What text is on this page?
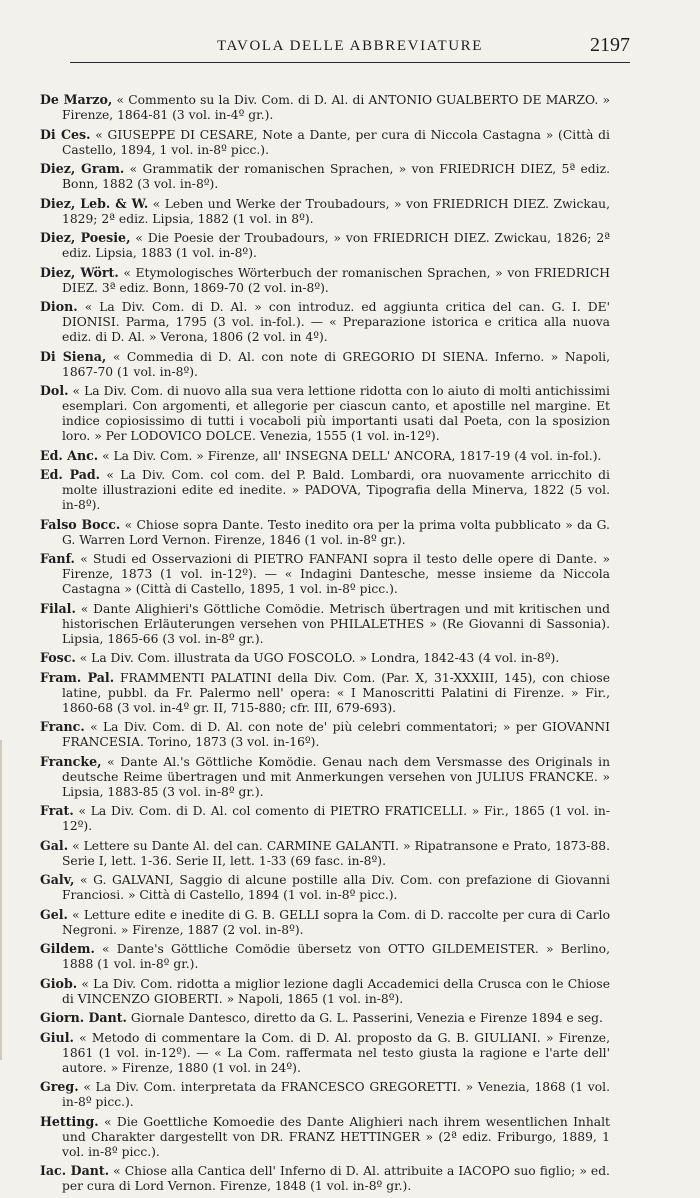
TAVOLA DELLE ABBREVIATURE	2197
De Marzo, « Commento su la Div. Com. di D. Al. di ANTONIO GUALBERTO DE MARZO. » Firenze, 1864-81 (3 vol. in-4º gr.).
Di Ces. « GIUSEPPE DI CESARE, Note a Dante, per cura di Niccola Castagna » (Città di Castello, 1894, 1 vol. in-8º picc.).
Diez, Gram. « Grammatik der romanischen Sprachen, » von FRIEDRICH DIEZ, 5ª ediz. Bonn, 1882 (3 vol. in-8º).
Diez, Leb. & W. « Leben und Werke der Troubadours, » von FRIEDRICH DIEZ. Zwickau, 1829; 2ª ediz. Lipsia, 1882 (1 vol. in 8º).
Diez, Poesie, « Die Poesie der Troubadours, » von FRIEDRICH DIEZ. Zwickau, 1826; 2ª ediz. Lipsia, 1883 (1 vol. in-8º).
Diez, Wört. « Etymologisches Wörterbuch der romanischen Sprachen, » von FRIEDRICH DIEZ. 3ª ediz. Bonn, 1869-70 (2 vol. in-8º).
Dion. « La Div. Com. di D. Al. » con introduz. ed aggiunta critica del can. G. I. DE' DIONISI. Parma, 1795 (3 vol. in-fol.). — « Preparazione istorica e critica alla nuova ediz. di D. Al. » Verona, 1806 (2 vol. in 4º).
Di Siena, « Commedia di D. Al. con note di GREGORIO DI SIENA. Inferno. » Napoli, 1867-70 (1 vol. in-8º).
Dol. « La Div. Com. di nuovo alla sua vera lettione ridotta con lo aiuto di molti antichissimi esemplari. Con argomenti, et allegorie per ciascun canto, et apostille nel margine. Et indice copiosissimo di tutti i vocaboli più importanti usati dal Poeta, con la sposizion loro. » Per LODOVICO DOLCE. Venezia, 1555 (1 vol. in-12º).
Ed. Anc. « La Div. Com. » Firenze, all' INSEGNA DELL' ANCORA, 1817-19 (4 vol. in-fol.).
Ed. Pad. « La Div. Com. col com. del P. Bald. Lombardi, ora nuovamente arricchito di molte illustrazioni edite ed inedite. » PADOVA, Tipografia della Minerva, 1822 (5 vol. in-8º).
Falso Bocc. « Chiose sopra Dante. Testo inedito ora per la prima volta pubblicato » da G. G. Warren Lord Vernon. Firenze, 1846 (1 vol. in-8º gr.).
Fanf. « Studi ed Osservazioni di PIETRO FANFANI sopra il testo delle opere di Dante. » Firenze, 1873 (1 vol. in-12º). — « Indagini Dantesche, messe insieme da Niccola Castagna » (Città di Castello, 1895, 1 vol. in-8º picc.).
Filal. « Dante Alighieri's Göttliche Comödie. Metrisch übertragen und mit kritischen und historischen Erläuterungen versehen von PHILALETHES » (Re Giovanni di Sassonia). Lipsia, 1865-66 (3 vol. in-8º gr.).
Fosc. « La Div. Com. illustrata da UGO FOSCOLO. » Londra, 1842-43 (4 vol. in-8º).
Fram. Pal. FRAMMENTI PALATINI della Div. Com. (Par. X, 31-XXXIII, 145), con chiose latine, pubbl. da Fr. Palermo nell' opera: « I Manoscritti Palatini di Firenze. » Fir., 1860-68 (3 vol. in-4º gr. II, 715-880; cfr. III, 679-693).
Franc. « La Div. Com. di D. Al. con note de' più celebri commentatori; » per GIOVANNI FRANCESIA. Torino, 1873 (3 vol. in-16º).
Francke, « Dante Al.'s Göttliche Komödie. Genau nach dem Versmasse des Originals in deutsche Reime übertragen und mit Anmerkungen versehen von JULIUS FRANCKE. » Lipsia, 1883-85 (3 vol. in-8º gr.).
Frat. « La Div. Com. di D. Al. col comento di PIETRO FRATICELLI. » Fir., 1865 (1 vol. in-12º).
Gal. « Lettere su Dante Al. del can. CARMINE GALANTI. » Ripatransone e Prato, 1873-88. Serie I, lett. 1-36. Serie II, lett. 1-33 (69 fasc. in-8º).
Galv, « G. GALVANI, Saggio di alcune postille alla Div. Com. con prefazione di Giovanni Franciosi. » Città di Castello, 1894 (1 vol. in-8º picc.).
Gel. « Letture edite e inedite di G. B. GELLI sopra la Com. di D. raccolte per cura di Carlo Negroni. » Firenze, 1887 (2 vol. in-8º).
Gildem. « Dante's Göttliche Comödie übersetz von OTTO GILDEMEISTER. » Berlino, 1888 (1 vol. in-8º gr.).
Giob. « La Div. Com. ridotta a miglior lezione dagli Accademici della Crusca con le Chiose di VINCENZO GIOBERTI. » Napoli, 1865 (1 vol. in-8º).
Giorn. Dant. Giornale Dantesco, diretto da G. L. Passerini, Venezia e Firenze 1894 e seg.
Giul. « Metodo di commentare la Com. di D. Al. proposto da G. B. GIULIANI. » Firenze, 1861 (1 vol. in-12º). — « La Com. raffermata nel testo giusta la ragione e l'arte dell' autore. » Firenze, 1880 (1 vol. in 24º).
Greg. « La Div. Com. interpretata da FRANCESCO GREGORETTI. » Venezia, 1868 (1 vol. in-8º picc.).
Hetting. « Die Goettliche Komoedie des Dante Alighieri nach ihrem wesentlichen Inhalt und Charakter dargestellt von DR. FRANZ HETTINGER » (2ª ediz. Friburgo, 1889, 1 vol. in-8º picc.).
Iac. Dant. « Chiose alla Cantica dell' Inferno di D. Al. attribuite a IACOPO suo figlio; » ed. per cura di Lord Vernon. Firenze, 1848 (1 vol. in-8º gr.).
